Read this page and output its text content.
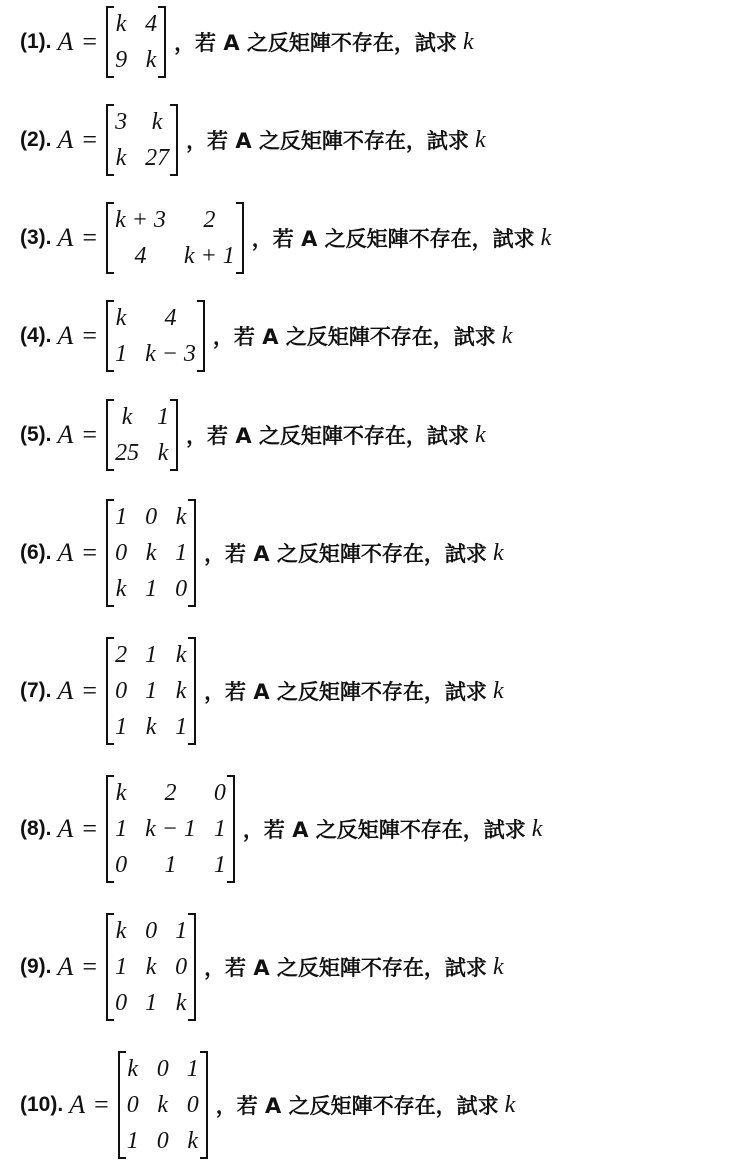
(1). A =
k 4
9 k
，若 A 之反矩陣不存在，試求 k
(2). A =
3 k
k 27
，若 A 之反矩陣不存在，試求 k
(3). A =
k + 3	2
4	k + 1
，若 A 之反矩陣不存在，試求 k
(4). A =
k	4
1 k − 3
，若 A 之反矩陣不存在，試求 k
(5). A =
k 1
25 k
，若 A 之反矩陣不存在，試求 k
(6). A =
1 0 k
0 k 1
k 1 0
，若 A 之反矩陣不存在，試求 k
(7). A =
2 1 k
0 1 k
1 k 1
，若 A 之反矩陣不存在，試求 k
(8). A =
k	2	0
1 k − 1 1
0	1	1
，若 A 之反矩陣不存在，試求 k
(9). A =
k 0 1
1 k 0
0 1 k
，若 A 之反矩陣不存在，試求 k
(10). A =
k 0 1
0 k 0
1 0 k
，若 A 之反矩陣不存在，試求 k
